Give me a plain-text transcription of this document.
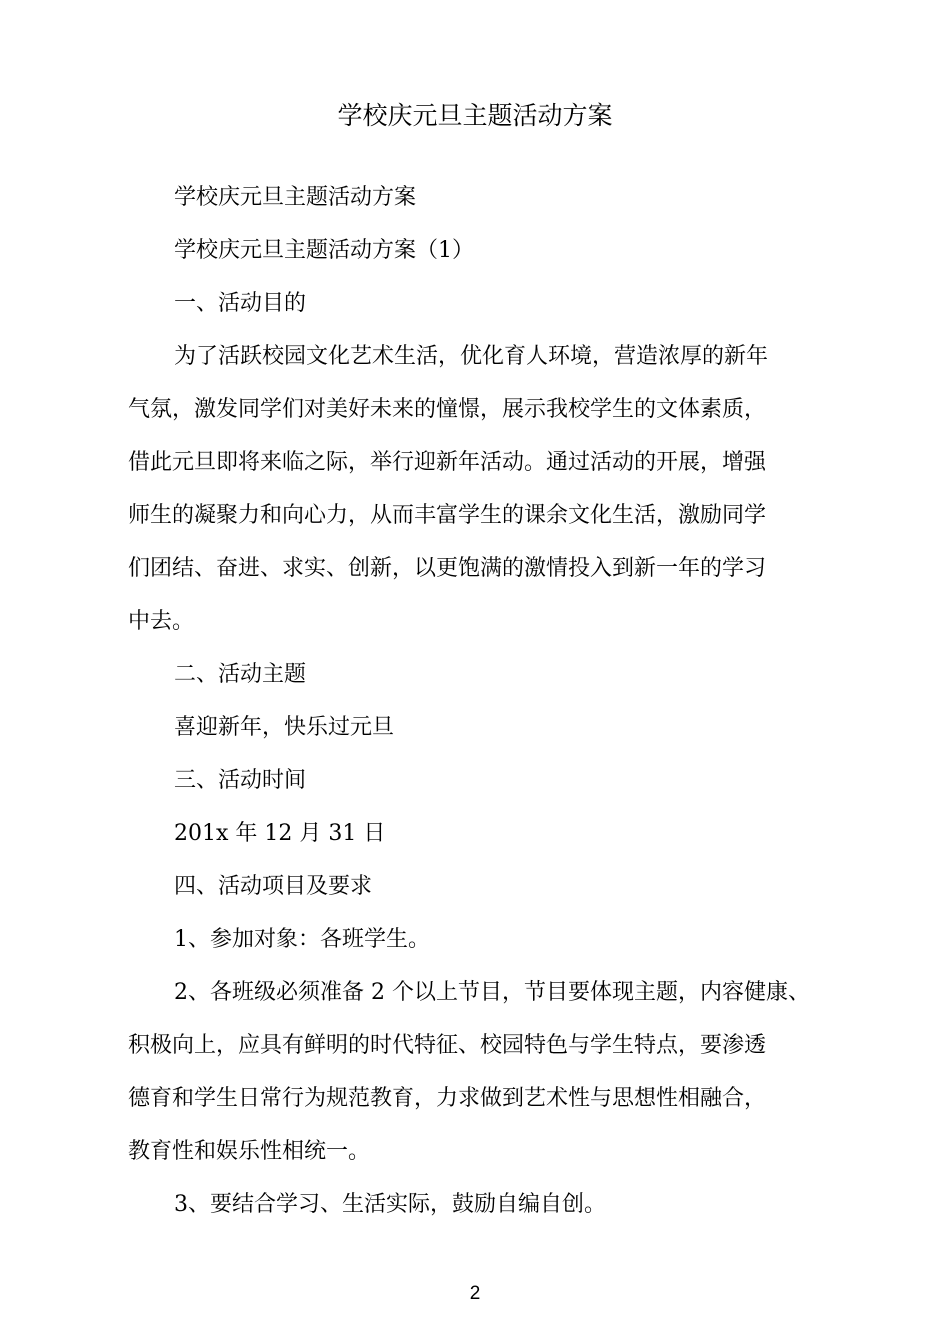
学校庆元旦主题活动方案

学校庆元旦主题活动方案

学校庆元旦主题活动方案（1）

一、活动目的

为了活跃校园文化艺术生活，优化育人环境，营造浓厚的新年

气氛，激发同学们对美好未来的憧憬，展示我校学生的文体素质，

借此元旦即将来临之际，举行迎新年活动。通过活动的开展，增强

师生的凝聚力和向心力，从而丰富学生的课余文化生活，激励同学

们团结、奋进、求实、创新，以更饱满的激情投入到新一年的学习

中去。

二、活动主题

喜迎新年，快乐过元旦

三、活动时间

201x 年 12 月 31 日

四、活动项目及要求

1、参加对象：各班学生。

2、各班级必须准备 2 个以上节目，节目要体现主题，内容健康、

积极向上，应具有鲜明的时代特征、校园特色与学生特点，要渗透

德育和学生日常行为规范教育，力求做到艺术性与思想性相融合，

教育性和娱乐性相统一。

3、要结合学习、生活实际，鼓励自编自创。

2
